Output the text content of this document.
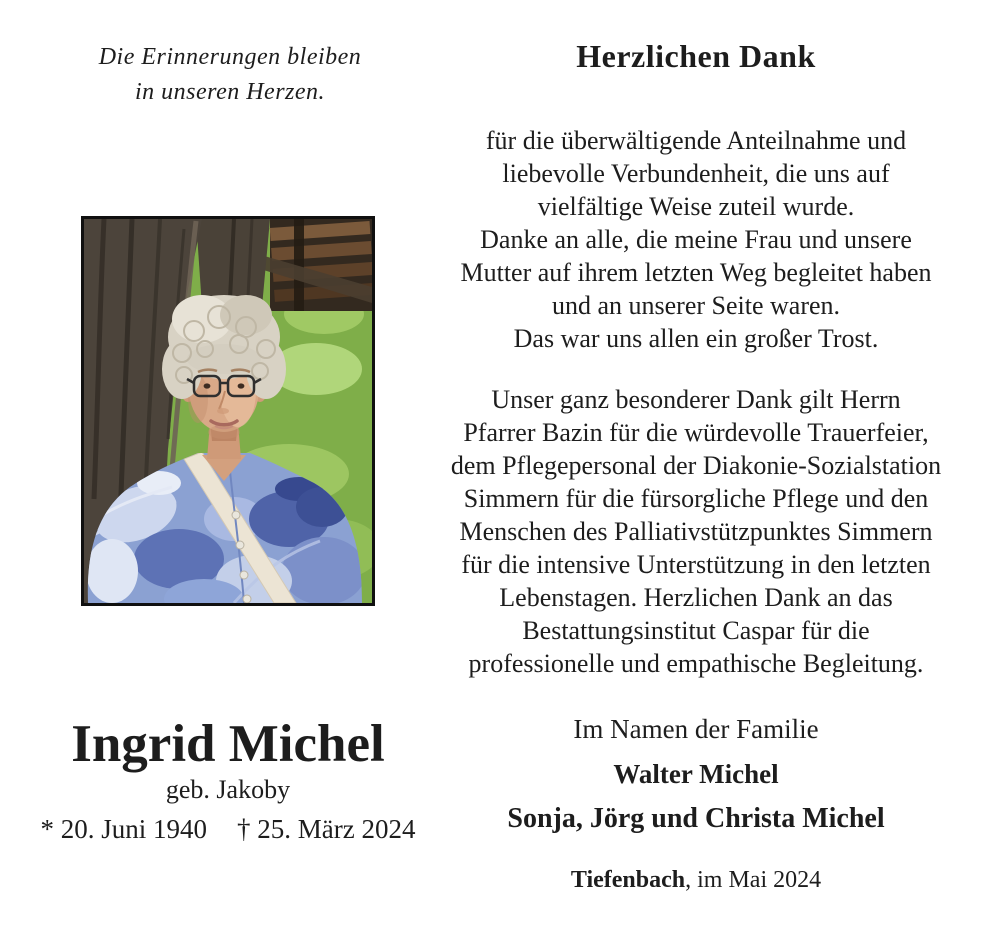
Die Erinnerungen bleiben
in unseren Herzen.
Herzlichen Dank
für die überwältigende Anteilnahme und
liebevolle Verbundenheit, die uns auf
vielfältige Weise zuteil wurde.
Danke an alle, die meine Frau und unsere
Mutter auf ihrem letzten Weg begleitet haben
und an unserer Seite waren.
Das war uns allen ein großer Trost.
Unser ganz besonderer Dank gilt Herrn
Pfarrer Bazin für die würdevolle Trauerfeier,
dem Pflegepersonal der Diakonie-Sozialstation
Simmern für die fürsorgliche Pflege und den
Menschen des Palliativstützpunktes Simmern
für die intensive Unterstützung in den letzten
Lebenstagen. Herzlichen Dank an das
Bestattungsinstitut Caspar für die
professionelle und empathische Begleitung.
Ingrid Michel
geb. Jakoby
* 20. Juni 1940 † 25. März 2024
Im Namen der Familie
Walter Michel
Sonja, Jörg und Christa Michel
Tiefenbach, im Mai 2024
